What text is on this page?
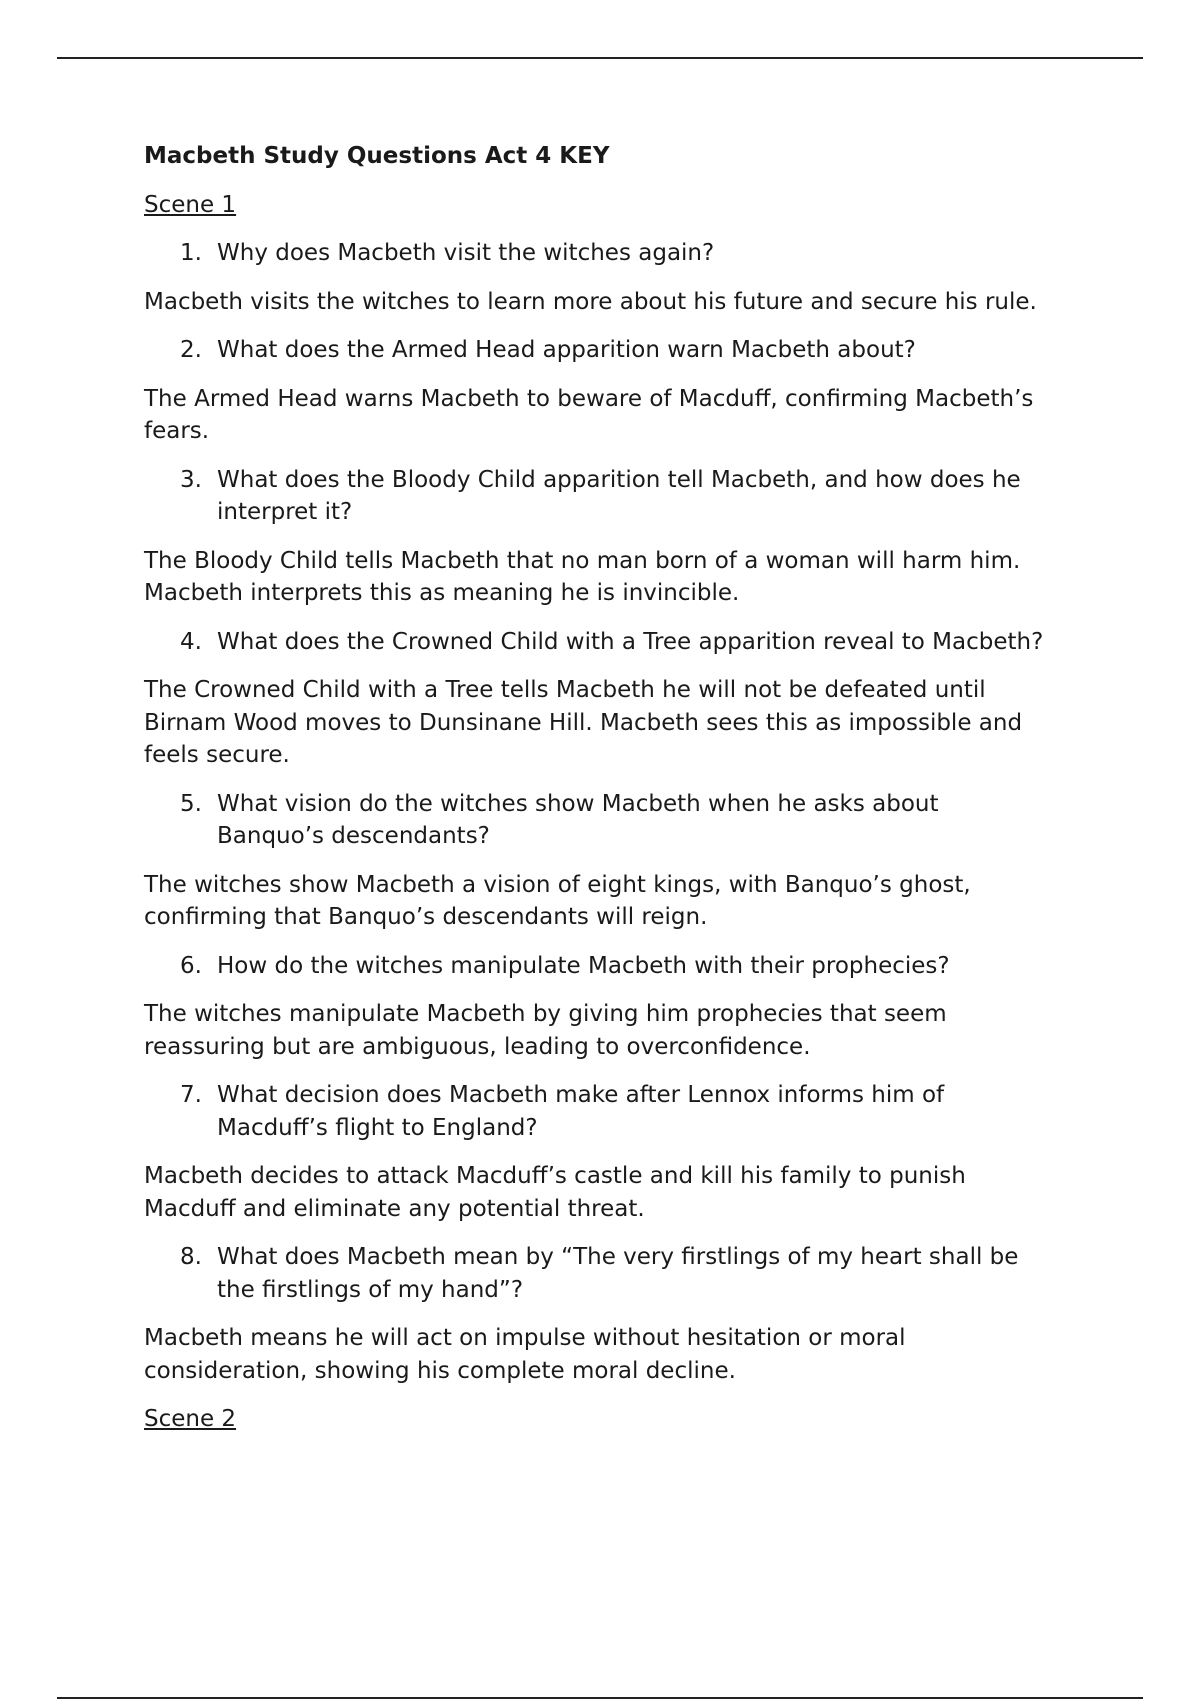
Macbeth Study Questions Act 4 KEY
Scene 1
1. Why does Macbeth visit the witches again?
Macbeth visits the witches to learn more about his future and secure his rule.
2. What does the Armed Head apparition warn Macbeth about?
The Armed Head warns Macbeth to beware of Macduff, confirming Macbeth’s fears.
3. What does the Bloody Child apparition tell Macbeth, and how does he interpret it?
The Bloody Child tells Macbeth that no man born of a woman will harm him. Macbeth interprets this as meaning he is invincible.
4. What does the Crowned Child with a Tree apparition reveal to Macbeth?
The Crowned Child with a Tree tells Macbeth he will not be defeated until Birnam Wood moves to Dunsinane Hill. Macbeth sees this as impossible and feels secure.
5. What vision do the witches show Macbeth when he asks about Banquo’s descendants?
The witches show Macbeth a vision of eight kings, with Banquo’s ghost, confirming that Banquo’s descendants will reign.
6. How do the witches manipulate Macbeth with their prophecies?
The witches manipulate Macbeth by giving him prophecies that seem reassuring but are ambiguous, leading to overconfidence.
7. What decision does Macbeth make after Lennox informs him of Macduff’s flight to England?
Macbeth decides to attack Macduff’s castle and kill his family to punish Macduff and eliminate any potential threat.
8. What does Macbeth mean by “The very firstlings of my heart shall be the firstlings of my hand”?
Macbeth means he will act on impulse without hesitation or moral consideration, showing his complete moral decline.
Scene 2
